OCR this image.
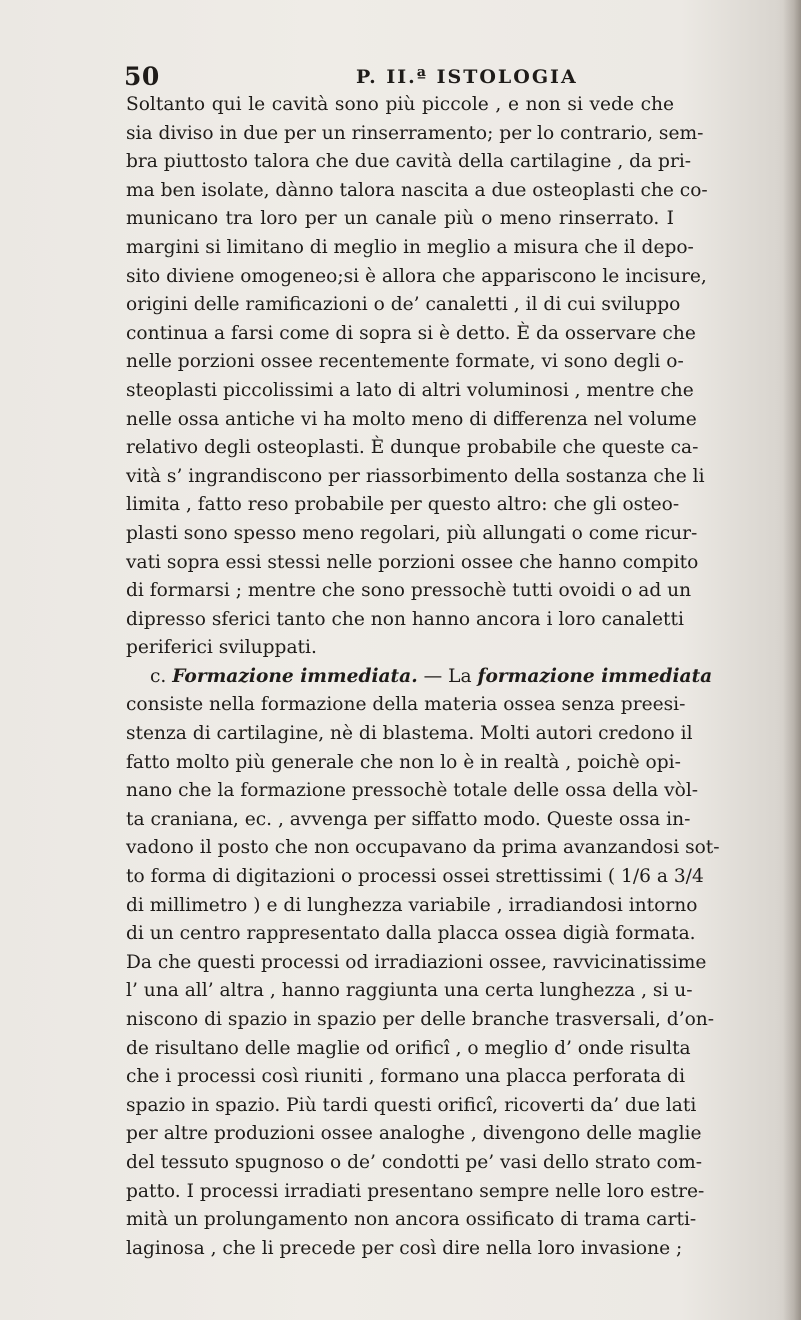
50	P. II.ª ISTOLOGIA
Soltanto qui le cavità sono più piccole , e non si vede che
sia diviso in due per un rinserramento; per lo contrario, sem-
bra piuttosto talora che due cavità della cartilagine , da pri-
ma ben isolate, dànno talora nascita a due osteoplasti che co-
municano tra loro per un canale più o meno rinserrato. I
margini si limitano di meglio in meglio a misura che il depo-
sito diviene omogeneo;si è allora che appariscono le incisure,
origini delle ramificazioni o de’ canaletti , il di cui sviluppo
continua a farsi come di sopra si è detto. È da osservare che
nelle porzioni ossee recentemente formate, vi sono degli o-
steoplasti piccolissimi a lato di altri voluminosi , mentre che
nelle ossa antiche vi ha molto meno di differenza nel volume
relativo degli osteoplasti. È dunque probabile che queste ca-
vità s’ ingrandiscono per riassorbimento della sostanza che li
limita , fatto reso probabile per questo altro: che gli osteo-
plasti sono spesso meno regolari, più allungati o come ricur-
vati sopra essi stessi nelle porzioni ossee che hanno compito
di formarsi ; mentre che sono pressochè tutti ovoidi o ad un
dipresso sferici tanto che non hanno ancora i loro canaletti
periferici sviluppati.
c. Formazione immediata. — La formazione immediata
consiste nella formazione della materia ossea senza preesi-
stenza di cartilagine, nè di blastema. Molti autori credono il
fatto molto più generale che non lo è in realtà , poichè opi-
nano che la formazione pressochè totale delle ossa della vòl-
ta craniana, ec. , avvenga per siffatto modo. Queste ossa in-
vadono il posto che non occupavano da prima avanzandosi sot-
to forma di digitazioni o processi ossei strettissimi ( 1/6 a 3/4
di millimetro ) e di lunghezza variabile , irradiandosi intorno
di un centro rappresentato dalla placca ossea digià formata.
Da che questi processi od irradiazioni ossee, ravvicinatissime
l’ una all’ altra , hanno raggiunta una certa lunghezza , si u-
niscono di spazio in spazio per delle branche trasversali, d’on-
de risultano delle maglie od orificî , o meglio d’ onde risulta
che i processi così riuniti , formano una placca perforata di
spazio in spazio. Più tardi questi orificî, ricoverti da’ due lati
per altre produzioni ossee analoghe , divengono delle maglie
del tessuto spugnoso o de’ condotti pe’ vasi dello strato com-
patto. I processi irradiati presentano sempre nelle loro estre-
mità un prolungamento non ancora ossificato di trama carti-
laginosa , che li precede per così dire nella loro invasione ;
